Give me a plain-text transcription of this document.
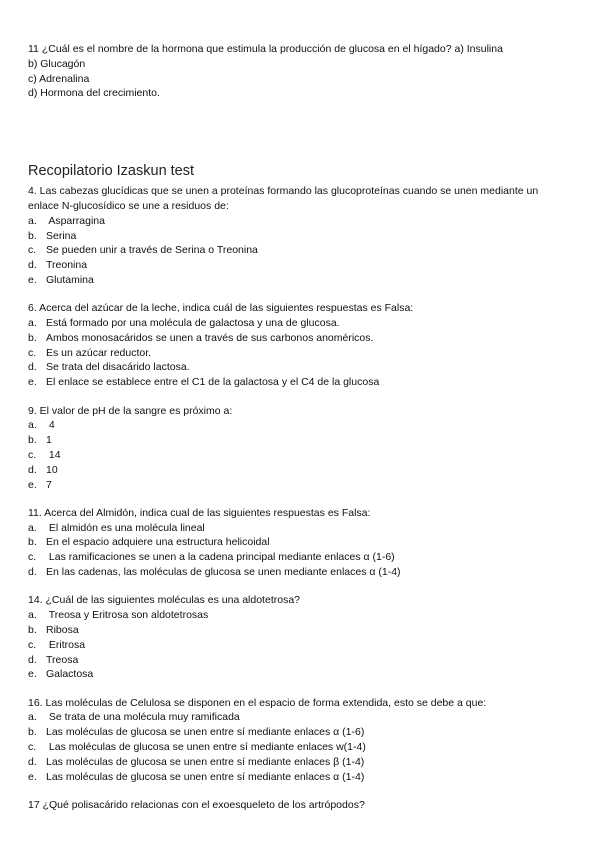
11 ¿Cuál es el nombre de la hormona que estimula la producción de glucosa en el hígado? a) Insulina
b) Glucagón
c) Adrenalina
d) Hormona del crecimiento.
Recopilatorio Izaskun test
4. Las cabezas glucídicas que se unen a proteínas formando las glucoproteínas cuando se unen mediante un
enlace N-glucosídico se une a residuos de:
a. Asparragina
b. Serina
c. Se pueden unir a través de Serina o Treonina
d. Treonina
e. Glutamina
6. Acerca del azúcar de la leche, indica cuál de las siguientes respuestas es Falsa:
a. Está formado por una molécula de galactosa y una de glucosa.
b. Ambos monosacáridos se unen a través de sus carbonos anoméricos.
c. Es un azúcar reductor.
d. Se trata del disacárido lactosa.
e. El enlace se establece entre el C1 de la galactosa y el C4 de la glucosa
9. El valor de pH de la sangre es próximo a:
a. 4
b. 1
c. 14
d. 10
e. 7
11. Acerca del Almidón, indica cual de las siguientes respuestas es Falsa:
a. El almidón es una molécula lineal
b. En el espacio adquiere una estructura helicoidal
c. Las ramificaciones se unen a la cadena principal mediante enlaces α (1-6)
d. En las cadenas, las moléculas de glucosa se unen mediante enlaces α (1-4)
14. ¿Cuál de las siguientes moléculas es una aldotetrosa?
a. Treosa y Eritrosa son aldotetrosas
b. Ribosa
c. Eritrosa
d. Treosa
e. Galactosa
16. Las moléculas de Celulosa se disponen en el espacio de forma extendida, esto se debe a que:
a. Se trata de una molécula muy ramificada
b. Las moléculas de glucosa se unen entre sí mediante enlaces α (1-6)
c. Las moléculas de glucosa se unen entre sí mediante enlaces w(1-4)
d. Las moléculas de glucosa se unen entre sí mediante enlaces β (1-4)
e. Las moléculas de glucosa se unen entre sí mediante enlaces α (1-4)
17 ¿Qué polisacárido relacionas con el exoesqueleto de los artrópodos?
